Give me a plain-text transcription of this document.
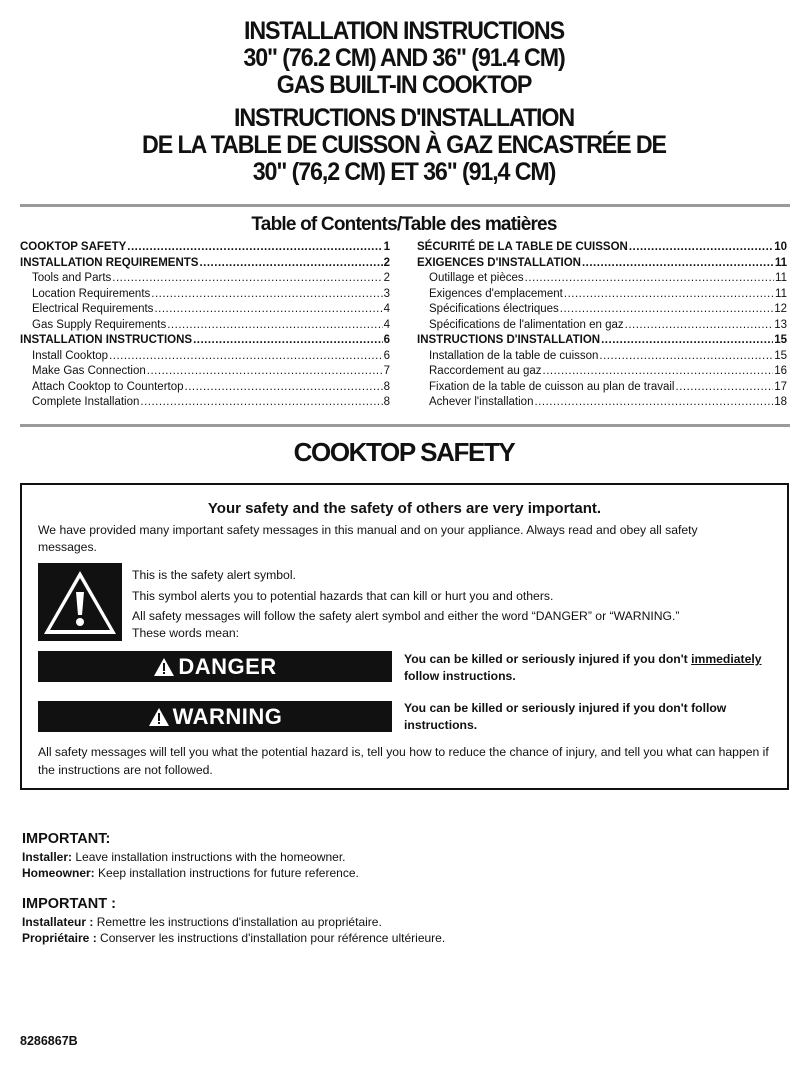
INSTALLATION INSTRUCTIONS
30" (76.2 CM) AND 36" (91.4 CM)
GAS BUILT-IN COOKTOP
INSTRUCTIONS D'INSTALLATION
DE LA TABLE DE CUISSON À GAZ ENCASTRÉE DE
30" (76,2 CM) ET 36" (91,4 CM)
Table of Contents/Table des matières
COOKTOP SAFETY .....	1
INSTALLATION REQUIREMENTS .....	2
Tools and Parts .....	2
Location Requirements .....	3
Electrical Requirements .....	4
Gas Supply Requirements .....	4
INSTALLATION INSTRUCTIONS .....	6
Install Cooktop .....	6
Make Gas Connection .....	7
Attach Cooktop to Countertop .....	8
Complete Installation .....	8
SÉCURITÉ DE LA TABLE DE CUISSON .....	10
EXIGENCES D'INSTALLATION .....	11
Outillage et pièces .....	11
Exigences d'emplacement .....	11
Spécifications électriques .....	12
Spécifications de l'alimentation en gaz .....	13
INSTRUCTIONS D'INSTALLATION .....	15
Installation de la table de cuisson .....	15
Raccordement au gaz .....	16
Fixation de la table de cuisson au plan de travail .....	17
Achever l'installation .....	18
COOKTOP SAFETY
Your safety and the safety of others are very important.
We have provided many important safety messages in this manual and on your appliance. Always read and obey all safety messages.
This is the safety alert symbol.
This symbol alerts you to potential hazards that can kill or hurt you and others.
All safety messages will follow the safety alert symbol and either the word “DANGER” or “WARNING.”
These words mean:
DANGER	You can be killed or seriously injured if you don't immediately
follow instructions.
WARNING	You can be killed or seriously injured if you don't follow instructions.
All safety messages will tell you what the potential hazard is, tell you how to reduce the chance of injury, and tell you what can happen if the instructions are not followed.
IMPORTANT:
Installer: Leave installation instructions with the homeowner.
Homeowner: Keep installation instructions for future reference.
IMPORTANT :
Installateur : Remettre les instructions d'installation au propriétaire.
Propriétaire : Conserver les instructions d'installation pour référence ultérieure.
8286867B
